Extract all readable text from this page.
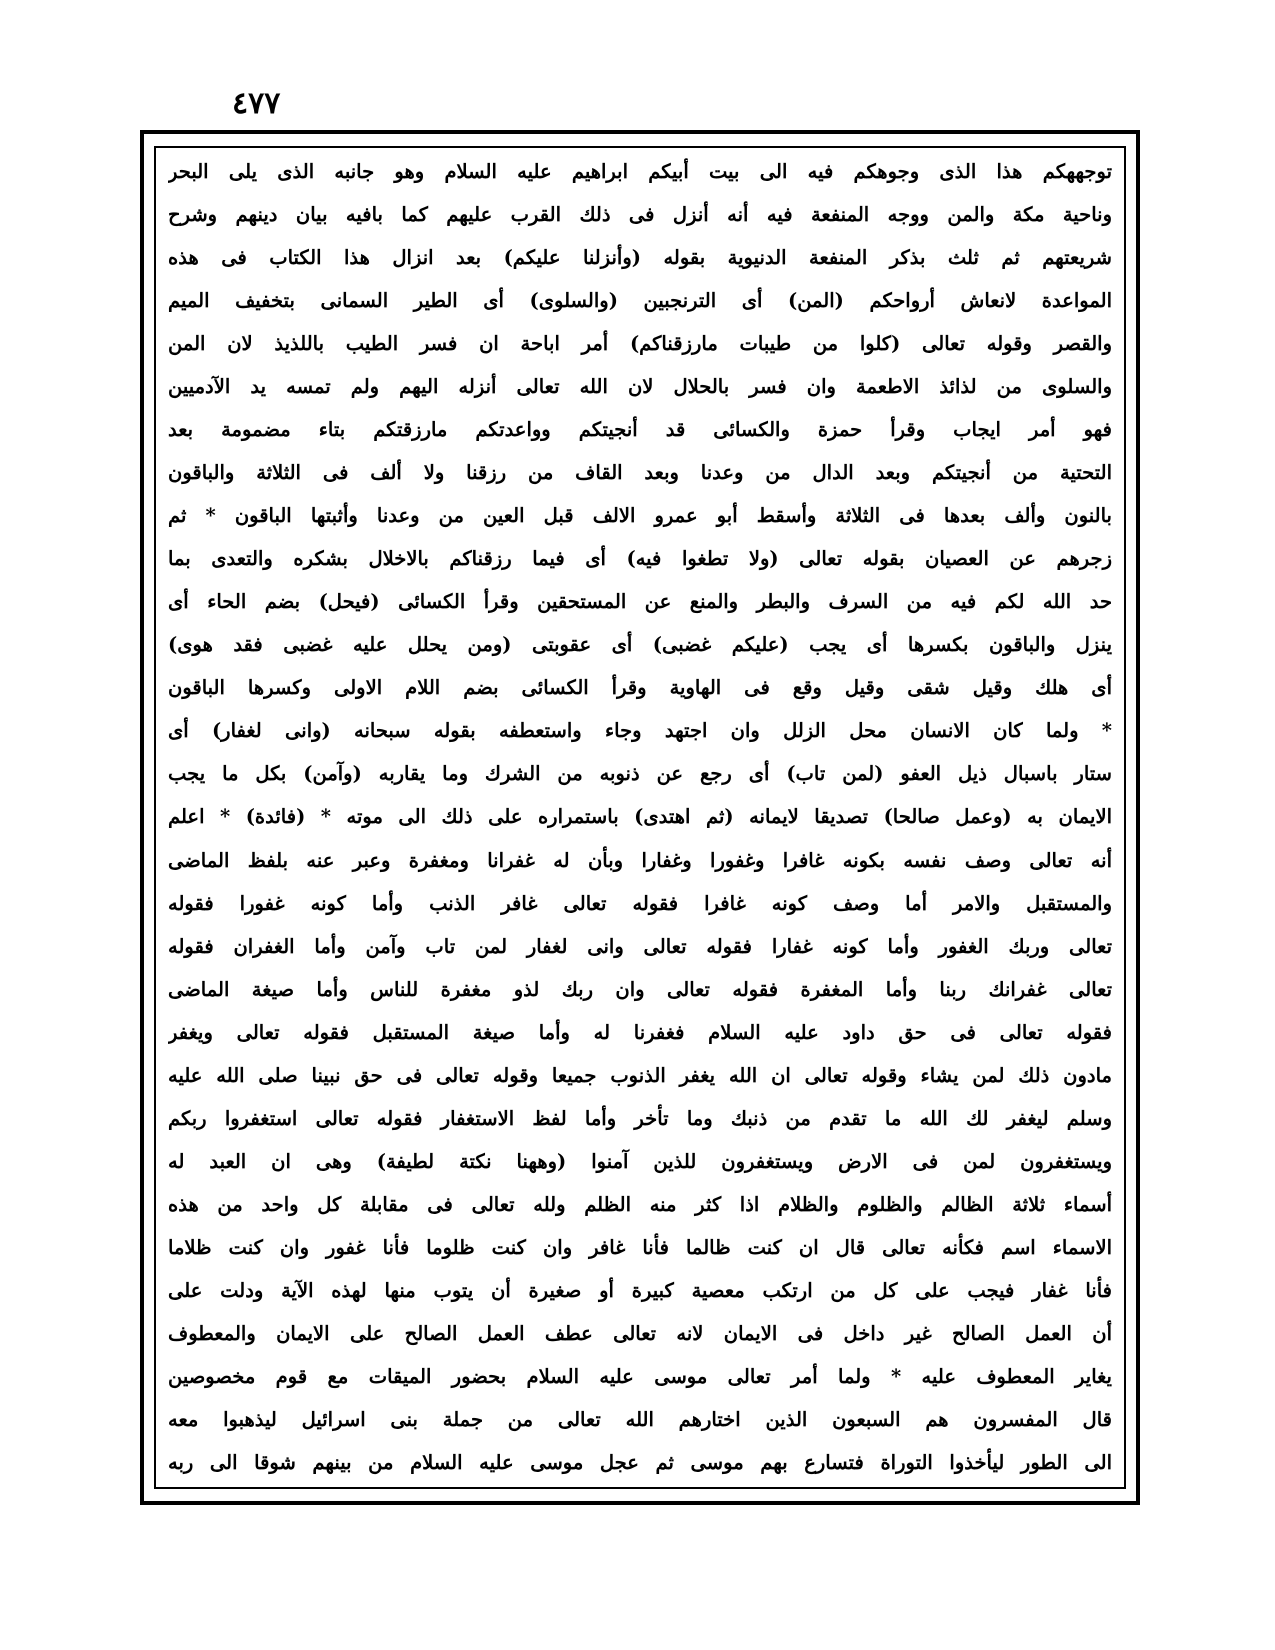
٤٧٧
توجههكم هذا الذى وجوهكم فيه الى بيت أبيكم ابراهيم عليه السلام وهو جانبه الذى يلى البحر
وناحية مكة والمن ووجه المنفعة فيه أنه أنزل فى ذلك القرب عليهم كما بافيه بيان دينهم وشرح
شريعتهم ثم ثلث بذكر المنفعة الدنيوية بقوله (وأنزلنا عليكم) بعد انزال هذا الكتاب فى هذه
المواعدة لانعاش أرواحكم (المن) أى الترنجبين (والسلوى) أى الطير السمانى بتخفيف الميم
والقصر وقوله تعالى (كلوا من طيبات مارزقناكم) أمر اباحة ان فسر الطيب باللذيذ لان المن
والسلوى من لذائذ الاطعمة وان فسر بالحلال لان الله تعالى أنزله اليهم ولم تمسه يد الآدميين
فهو أمر ايجاب وقرأ حمزة والكسائى قد أنجيتكم وواعدتكم مارزقتكم بتاء مضمومة بعد
التحتية من أنجيتكم وبعد الدال من وعدنا وبعد القاف من رزقنا ولا ألف فى الثلاثة والباقون
بالنون وألف بعدها فى الثلاثة وأسقط أبو عمرو الالف قبل العين من وعدنا وأثبتها الباقون * ثم
زجرهم عن العصيان بقوله تعالى (ولا تطغوا فيه) أى فيما رزقناكم بالاخلال بشكره والتعدى بما
حد الله لكم فيه من السرف والبطر والمنع عن المستحقين وقرأ الكسائى (فيحل) بضم الحاء أى
ينزل والباقون بكسرها أى يجب (عليكم غضبى) أى عقوبتى (ومن يحلل عليه غضبى فقد هوى)
أى هلك وقيل شقى وقيل وقع فى الهاوية وقرأ الكسائى بضم اللام الاولى وكسرها الباقون
* ولما كان الانسان محل الزلل وان اجتهد وجاء واستعطفه بقوله سبحانه (وانى لغفار) أى
ستار باسبال ذيل العفو (لمن تاب) أى رجع عن ذنوبه من الشرك وما يقاربه (وآمن) بكل ما يجب
الايمان به (وعمل صالحا) تصديقا لايمانه (ثم اهتدى) باستمراره على ذلك الى موته * (فائدة) * اعلم
أنه تعالى وصف نفسه بكونه غافرا وغفورا وغفارا وبأن له غفرانا ومغفرة وعبر عنه بلفظ الماضى
والمستقبل والامر أما وصف كونه غافرا فقوله تعالى غافر الذنب وأما كونه غفورا فقوله
تعالى وربك الغفور وأما كونه غفارا فقوله تعالى وانى لغفار لمن تاب وآمن وأما الغفران فقوله
تعالى غفرانك ربنا وأما المغفرة فقوله تعالى وان ربك لذو مغفرة للناس وأما صيغة الماضى
فقوله تعالى فى حق داود عليه السلام فغفرنا له وأما صيغة المستقبل فقوله تعالى ويغفر
مادون ذلك لمن يشاء وقوله تعالى ان الله يغفر الذنوب جميعا وقوله تعالى فى حق نبينا صلى الله عليه
وسلم ليغفر لك الله ما تقدم من ذنبك وما تأخر وأما لفظ الاستغفار فقوله تعالى استغفروا ربكم
ويستغفرون لمن فى الارض ويستغفرون للذين آمنوا (وههنا نكتة لطيفة) وهى ان العبد له
أسماء ثلاثة الظالم والظلوم والظلام اذا كثر منه الظلم ولله تعالى فى مقابلة كل واحد من هذه
الاسماء اسم فكأنه تعالى قال ان كنت ظالما فأنا غافر وان كنت ظلوما فأنا غفور وان كنت ظلاما
فأنا غفار فيجب على كل من ارتكب معصية كبيرة أو صغيرة أن يتوب منها لهذه الآية ودلت على
أن العمل الصالح غير داخل فى الايمان لانه تعالى عطف العمل الصالح على الايمان والمعطوف
يغاير المعطوف عليه * ولما أمر تعالى موسى عليه السلام بحضور الميقات مع قوم مخصوصين
قال المفسرون هم السبعون الذين اختارهم الله تعالى من جملة بنى اسرائيل ليذهبوا معه
الى الطور ليأخذوا التوراة فتسارع بهم موسى ثم عجل موسى عليه السلام من بينهم شوقا الى ربه
